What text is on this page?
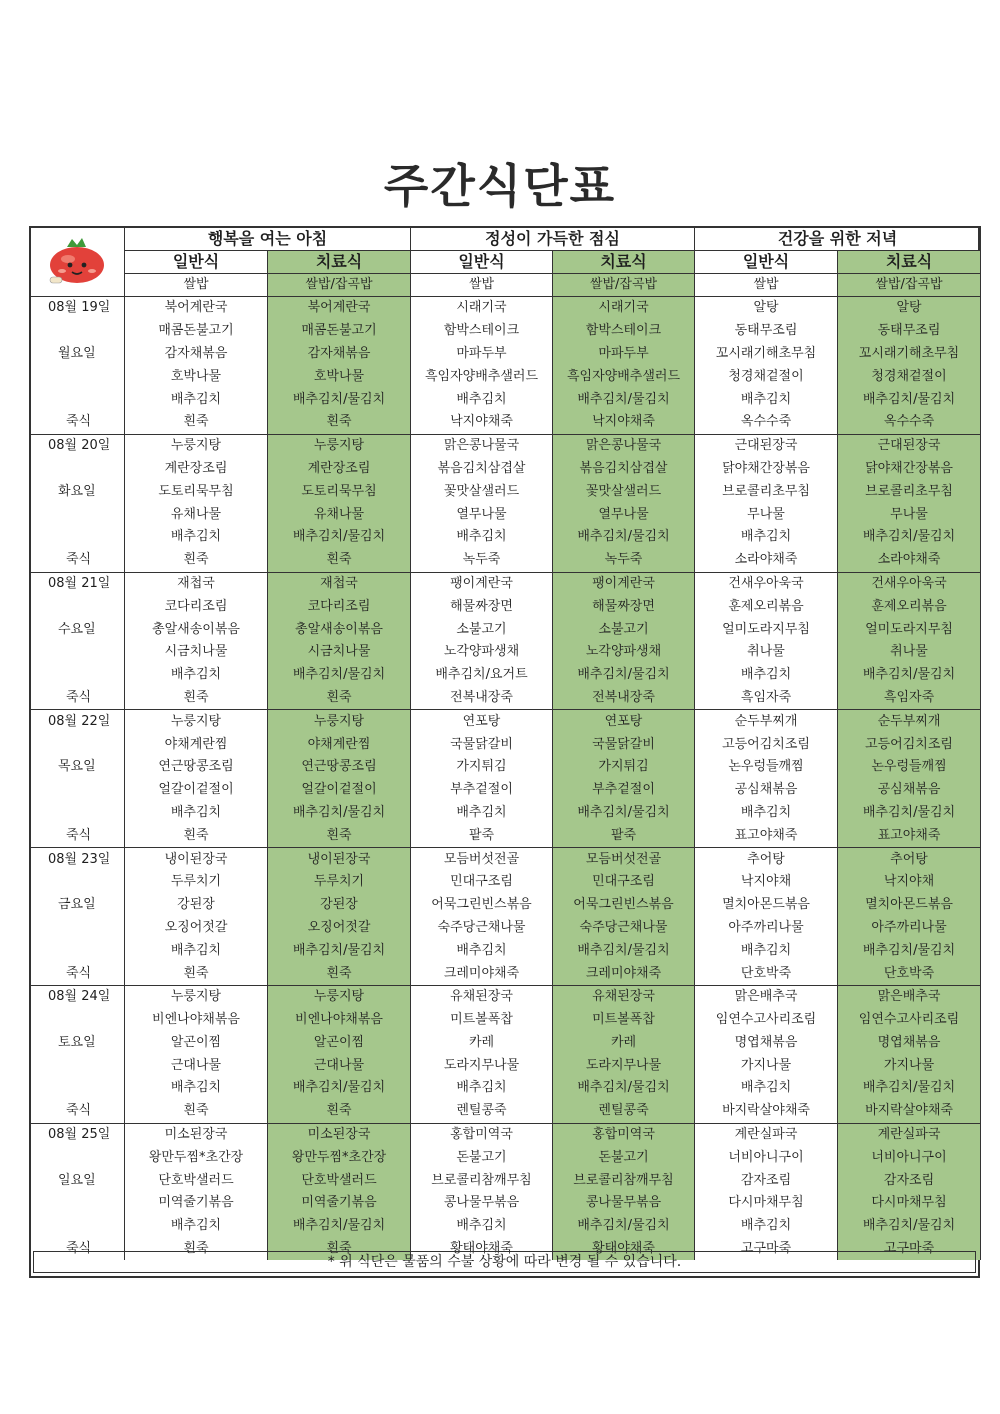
주간식단표
	행복을 여는 아침		정성이 가득한 점심		건강을 위한 저녁	
	일반식	치료식	일반식	치료식	일반식	치료식
	쌀밥	쌀밥/잡곡밥	쌀밥	쌀밥/잡곡밥	쌀밥	쌀밥/잡곡밥
08월 19일	북어계란국	북어계란국	시래기국	시래기국	알탕	알탕
	매콤돈불고기	매콤돈불고기	함박스테이크	함박스테이크	동태무조림	동태무조림
월요일	감자채볶음	감자채볶음	마파두부	마파두부	꼬시래기해초무침	꼬시래기해초무침
	호박나물	호박나물	흑임자양배추샐러드	흑임자양배추샐러드	청경채겉절이	청경채겉절이
	배추김치	배추김치/물김치	배추김치	배추김치/물김치	배추김치	배추김치/물김치
죽식	흰죽	흰죽	낙지야채죽	낙지야채죽	옥수수죽	옥수수죽
08월 20일	누룽지탕	누룽지탕	맑은콩나물국	맑은콩나물국	근대된장국	근대된장국
	계란장조림	계란장조림	볶음김치삼겹살	볶음김치삼겹살	닭야채간장볶음	닭야채간장볶음
화요일	도토리묵무침	도토리묵무침	꽃맛살샐러드	꽃맛살샐러드	브로콜리초무침	브로콜리초무침
	유채나물	유채나물	열무나물	열무나물	무나물	무나물
	배추김치	배추김치/물김치	배추김치	배추김치/물김치	배추김치	배추김치/물김치
죽식	흰죽	흰죽	녹두죽	녹두죽	소라야채죽	소라야채죽
08월 21일	재첩국	재첩국	팽이계란국	팽이계란국	건새우아욱국	건새우아욱국
	코다리조림	코다리조림	해물짜장면	해물짜장면	훈제오리볶음	훈제오리볶음
수요일	총알새송이볶음	총알새송이볶음	소불고기	소불고기	얼미도라지무침	얼미도라지무침
	시금치나물	시금치나물	노각양파생채	노각양파생채	취나물	취나물
	배추김치	배추김치/물김치	배추김치/요거트	배추김치/물김치	배추김치	배추김치/물김치
죽식	흰죽	흰죽	전복내장죽	전복내장죽	흑임자죽	흑임자죽
08월 22일	누룽지탕	누룽지탕	연포탕	연포탕	순두부찌개	순두부찌개
	야채계란찜	야채계란찜	국물닭갈비	국물닭갈비	고등어김치조림	고등어김치조림
목요일	연근땅콩조림	연근땅콩조림	가지튀김	가지튀김	논우렁들깨찜	논우렁들깨찜
	얼갈이겉절이	얼갈이겉절이	부추겉절이	부추겉절이	공심채볶음	공심채볶음
	배추김치	배추김치/물김치	배추김치	배추김치/물김치	배추김치	배추김치/물김치
죽식	흰죽	흰죽	팥죽	팥죽	표고야채죽	표고야채죽
08월 23일	냉이된장국	냉이된장국	모듬버섯전골	모듬버섯전골	추어탕	추어탕
	두루치기	두루치기	민대구조림	민대구조림	낙지야채	낙지야채
금요일	강된장	강된장	어묵그린빈스볶음	어묵그린빈스볶음	멸치아몬드볶음	멸치아몬드볶음
	오징어젓갈	오징어젓갈	숙주당근채나물	숙주당근채나물	아주까리나물	아주까리나물
	배추김치	배추김치/물김치	배추김치	배추김치/물김치	배추김치	배추김치/물김치
죽식	흰죽	흰죽	크레미야채죽	크레미야채죽	단호박죽	단호박죽
08월 24일	누룽지탕	누룽지탕	유채된장국	유채된장국	맑은배추국	맑은배추국
	비엔나야채볶음	비엔나야채볶음	미트볼폭찹	미트볼폭찹	임연수고사리조림	임연수고사리조림
토요일	알곤이찜	알곤이찜	카레	카레	명엽채볶음	명엽채볶음
	근대나물	근대나물	도라지무나물	도라지무나물	가지나물	가지나물
	배추김치	배추김치/물김치	배추김치	배추김치/물김치	배추김치	배추김치/물김치
죽식	흰죽	흰죽	렌틸콩죽	렌틸콩죽	바지락살야채죽	바지락살야채죽
08월 25일	미소된장국	미소된장국	홍합미역국	홍합미역국	계란실파국	계란실파국
	왕만두찜*초간장	왕만두찜*초간장	돈불고기	돈불고기	너비아니구이	너비아니구이
일요일	단호박샐러드	단호박샐러드	브로콜리참깨무침	브로콜리참깨무침	감자조림	감자조림
	미역줄기볶음	미역줄기볶음	콩나물무볶음	콩나물무볶음	다시마채무침	다시마채무침
	배추김치	배추김치/물김치	배추김치	배추김치/물김치	배추김치	배추김치/물김치
죽식	흰죽	흰죽	황태야채죽	황태야채죽	고구마죽	고구마죽
* 위 식단은 물품의 수불 상황에 따라 변경 될 수 있습니다.
